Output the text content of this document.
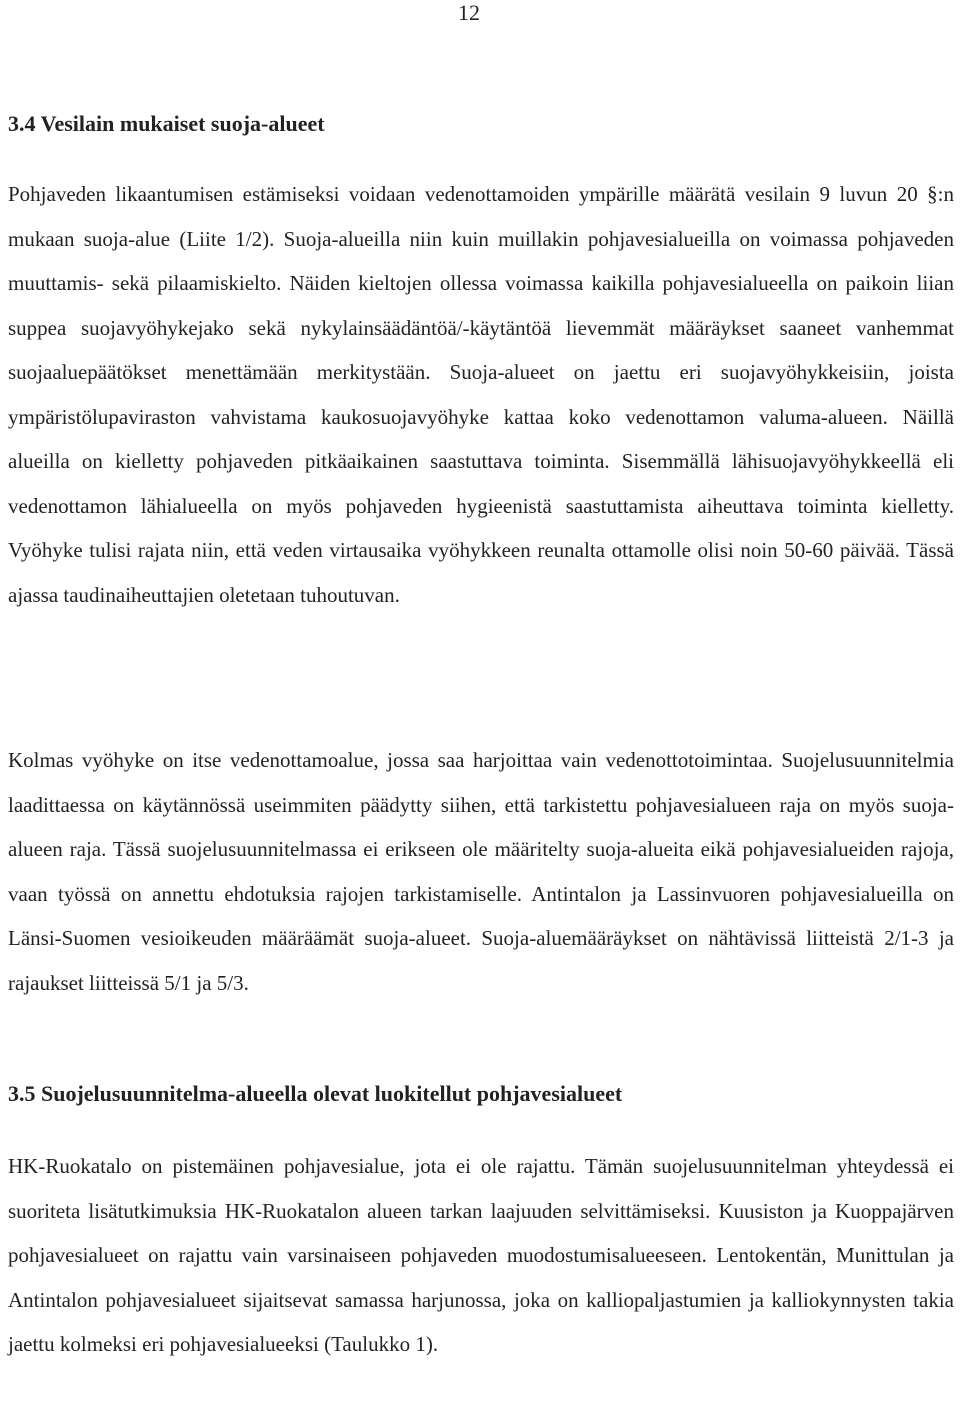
12
3.4 Vesilain mukaiset suoja-alueet

Pohjaveden likaantumisen estämiseksi voidaan vedenottamoiden ympärille määrätä vesilain 9 luvun 20 §:n mukaan suoja-alue (Liite 1/2). Suoja-alueilla niin kuin muillakin pohjavesialueilla on voimassa pohjaveden muuttamis- sekä pilaamiskielto. Näiden kieltojen ollessa voimassa kaikilla pohjavesialueella on paikoin liian suppea suojavyöhykejako sekä nykylainsäädäntöä/-käytäntöä lievemmät määräykset saaneet vanhemmat suojaaluepäätökset menettämään merkitystään. Suoja-alueet on jaettu eri suojavyöhykkeisiin, joista ympäristölupaviraston vahvistama kaukosuojavyöhyke kattaa koko vedenottamon valuma-alueen. Näillä alueilla on kielletty pohjaveden pitkäaikainen saastuttava toiminta. Sisemmällä lähisuojavyöhykkeellä eli vedenottamon lähialueella on myös pohjaveden hygieenistä saastuttamista aiheuttava toiminta kielletty. Vyöhyke tulisi rajata niin, että veden virtausaika vyöhykkeen reunalta ottamolle olisi noin 50-60 päivää. Tässä ajassa taudinaiheuttajien oletetaan tuhoutuvan.

Kolmas vyöhyke on itse vedenottamoalue, jossa saa harjoittaa vain vedenottotoimintaa. Suojelusuunnitelmia laadittaessa on käytännössä useimmiten päädytty siihen, että tarkistettu pohjavesialueen raja on myös suoja-alueen raja. Tässä suojelusuunnitelmassa ei erikseen ole määritelty suoja-alueita eikä pohjavesialueiden rajoja, vaan työssä on annettu ehdotuksia rajojen tarkistamiselle. Antintalon ja Lassinvuoren pohjavesialueilla on Länsi-Suomen vesioikeuden määräämät suoja-alueet. Suoja-aluemääräykset on nähtävissä liitteistä 2/1-3 ja rajaukset liitteissä 5/1 ja 5/3.

3.5 Suojelusuunnitelma-alueella olevat luokitellut pohjavesialueet

HK-Ruokatalo on pistemäinen pohjavesialue, jota ei ole rajattu. Tämän suojelusuunnitelman yhteydessä ei suoriteta lisätutkimuksia HK-Ruokatalon alueen tarkan laajuuden selvittämiseksi. Kuusiston ja Kuoppajärven pohjavesialueet on rajattu vain varsinaiseen pohjaveden muodostumisalueeseen. Lentokentän, Munittulan ja Antintalon pohjavesialueet sijaitsevat samassa harjunossa, joka on kalliopaljastumien ja kalliokynnysten takia jaettu kolmeksi eri pohjavesialueeksi (Taulukko 1).
